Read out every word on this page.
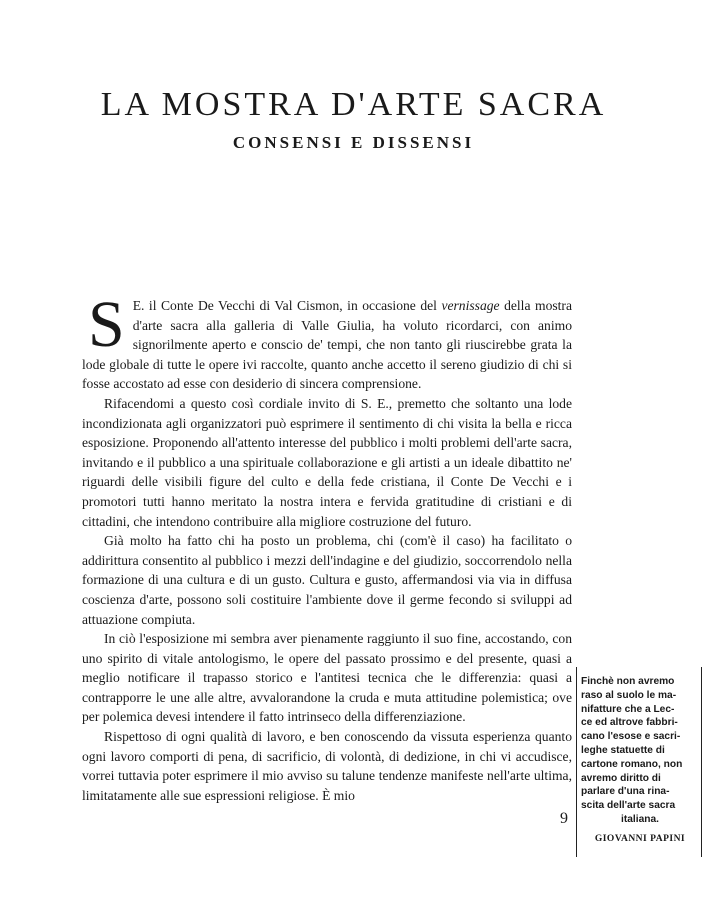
LA MOSTRA D'ARTE SACRA
CONSENSI E DISSENSI

S E. il Conte De Vecchi di Val Cismon, in occasione del vernissage della mostra d'arte sacra alla galleria di Valle Giulia, ha voluto ricordarci, con animo signorilmente aperto e conscio de' tempi, che non tanto gli riuscirebbe grata la lode globale di tutte le opere ivi raccolte, quanto anche accetto il sereno giudizio di chi si fosse accostato ad esse con desiderio di sincera comprensione.

Rifacendomi a questo così cordiale invito di S. E., premetto che soltanto una lode incondizionata agli organizzatori può esprimere il sentimento di chi visita la bella e ricca esposizione. Proponendo all'attento interesse del pubblico i molti problemi dell'arte sacra, invitando e il pubblico a una spirituale collaborazione e gli artisti a un ideale dibattito ne' riguardi delle visibili figure del culto e della fede cristiana, il Conte De Vecchi e i promotori tutti hanno meritato la nostra intera e fervida gratitudine di cristiani e di cittadini, che intendono contribuire alla migliore costruzione del futuro.

Già molto ha fatto chi ha posto un problema, chi (com'è il caso) ha facilitato o addirittura consentito al pubblico i mezzi dell'indagine e del giudizio, soccorrendolo nella formazione di una cultura e di un gusto. Cultura e gusto, affermandosi via via in diffusa coscienza d'arte, possono soli costituire l'ambiente dove il germe fecondo si sviluppi ad attuazione compiuta.

In ciò l'esposizione mi sembra aver pienamente raggiunto il suo fine, accostando, con uno spirito di vitale antologismo, le opere del passato prossimo e del presente, quasi a meglio notificare il trapasso storico e l'antitesi tecnica che le differenzia: quasi a contrapporre le une alle altre, avvalorandone la cruda e muta attitudine polemistica; ove per polemica devesi intendere il fatto intrinseco della differenziazione.

Rispettoso di ogni qualità di lavoro, e ben conoscendo da vissuta esperienza quanto ogni lavoro comporti di pena, di sacrificio, di volontà, di dedizione, in chi vi accudisce, vorrei tuttavia poter esprimere il mio avviso su talune tendenze manifeste nell'arte ultima, limitatamente alle sue espressioni religiose. È mio

9
Finchè non avremo
raso al suolo le ma-
nifatture che a Lec-
ce ed altrove fabbri-
cano l'esose e sacri-
leghe statuette di
cartone romano, non
avremo diritto di
parlare d'una rina-
scita dell'arte sacra
italiana.
GIOVANNI PAPINI
